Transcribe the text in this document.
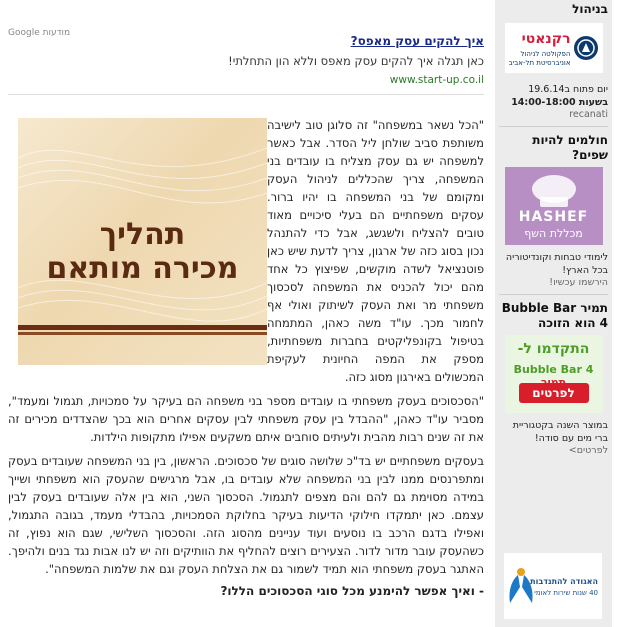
Google מודעות
איך להקים עסק מאפס?
כאן תגלה איך להקים עסק מאפס וללא הון התחלתי!
www.start-up.co.il
תהליך
מכירה מותאם

"הכל נשאר במשפחה" זה סלוגן טוב לישיבה משותפת סביב שולחן ליל הסדר. אבל כאשר למשפחה יש גם עסק מצליח בו עובדים בני המשפחה, צריך שהכללים לניהול העסק ומקומם של בני המשפחה בו יהיו ברור. עסקים משפחתיים הם בעלי סיכויים מאוד טובים להצליח ולשגשג, אבל כדי להתנהל נכון בסוג כזה של ארגון, צריך לדעת שיש כאן פוטנציאל לשדה מוקשים, שפיצוץ כל אחד מהם יכול להכניס את המשפחה לסכסוך משפחתי מר ואת העסק לשיתוק ואולי אף לחמור מכך. עו"ד משה כאהן, המתמחה בטיפול בקונפליקטים בחברות משפחתיות, מספק את המפה החיונית לעקיפת המכשולים באירגון מסוג כזה.

"הסכסוכים בעסק משפחתי בו עובדים מספר בני משפחה הם בעיקר על סמכויות, תגמול ומעמד", מסביר עו"ד כאהן, "ההבדל בין עסק משפחתי לבין עסקים אחרים הוא בכך שהצדדים מכירים זה את זה שנים רבות מהבית ולעיתים סוחבים איתם משקעים אפילו מתקופות הילדות.

בעסקים משפחתיים יש בד"כ שלושה סוגים של סכסוכים. הראשון, בין בני המשפחה שעובדים בעסק ומתפרנסים ממנו לבין בני המשפחה שלא עובדים בו, אבל מרגישים שהעסק הוא משפחתי ושייך במידה מסוימת גם להם והם מצפים לתגמול. הסכסוך השני, הוא בין אלה שעובדים בעסק לבין עצמם. כאן יתמקדו חילוקי הדיעות בעיקר בחלוקת הסמכויות, בהבדלי מעמד, בגובה התגמול, ואפילו בדגם הרכב בו נוסעים ועוד עניינים מהסוג הזה. והסכסוך השלישי, שגם הוא נפוץ, זה כשהעסק עובר מדור לדור. הצעירים רוצים להחליף את הוותיקים וזה יש לנו אבות נגד בנים ולהיפך. האתגר בעסק משפחתי הוא תמיד לשמור גם את הצלחת העסק וגם את שלמות המשפחה".

- ואיך אפשר להימנע מכל סוגי הסכסוכים הללו?
בניהול
רקנאטי
הפקולטה לניהול
אוניברסיטת תל-אביב
יום פתוח ב19.6.14
בשעות 14:00-18:00
recanati
חולמים להיות שפים?
HASHEF
מכללת השף
לימודי טבחות וקונדיטוריה בכל הארץ!
הירשמו עכשיו!
תמיר Bubble Bar 4 הוא הזוכה
התקדמו ל-
Bubble Bar 4
לפרטים
במוצר השנה בקטגוריית ברי מים עם סודה!
לפרטים>
האגודה להתנדבות
40 שנות שירות לאומי
